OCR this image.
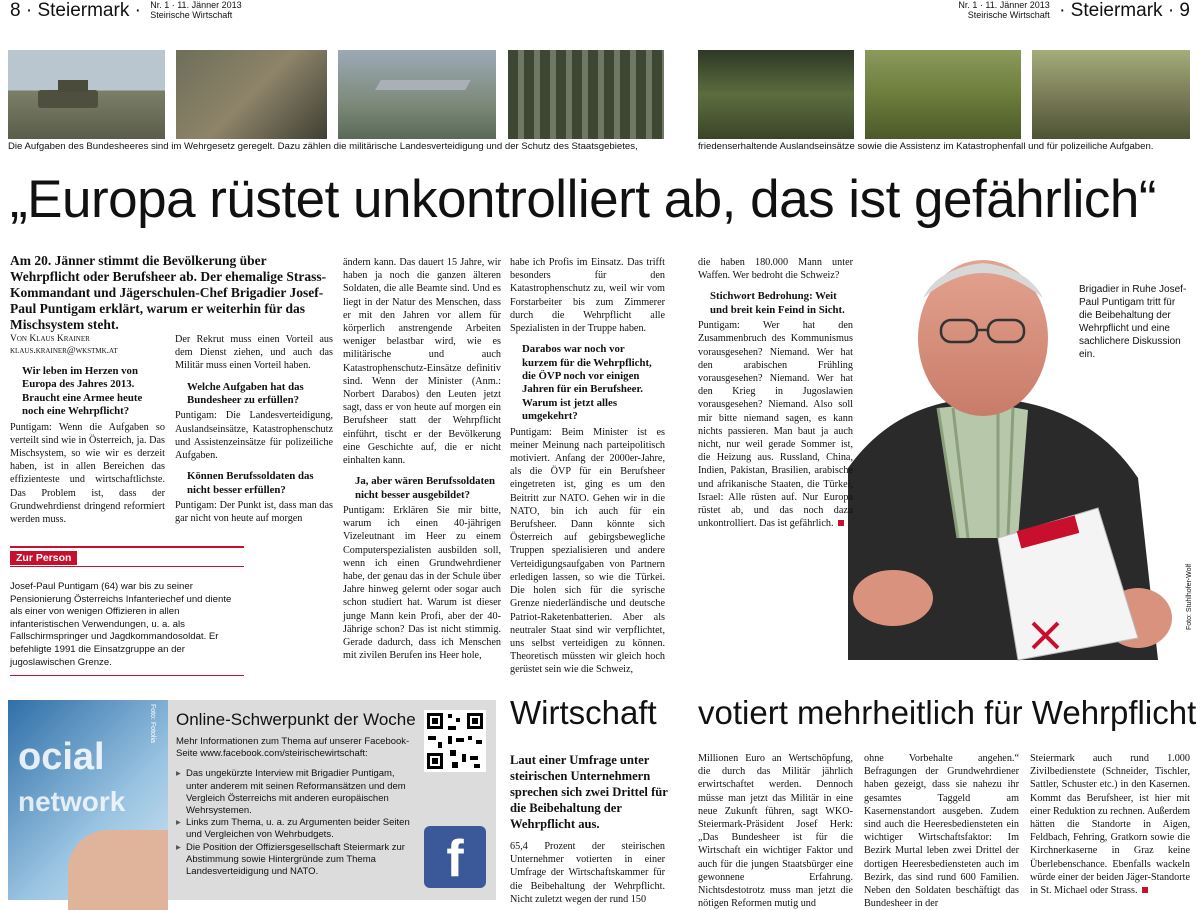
8 · Steiermark · Nr. 1 · 11. Jänner 2013
Steirische Wirtschaft
Nr. 1 · 11. Jänner 2013
Steirische Wirtschaft · Steiermark · 9
Die Aufgaben des Bundesheeres sind im Wehrgesetz geregelt. Dazu zählen die militärische Landesverteidigung und der Schutz des Staatsgebietes,	friedenserhaltende Auslandseinsätze sowie die Assistenz im Katastrophenfall und für polizeiliche Aufgaben.
„Europa rüstet unkontrolliert ab, das ist gefährlich“
Am 20. Jänner stimmt die Bevölkerung über Wehrpflicht oder Berufsheer ab. Der ehemalige Strass-Kommandant und Jägerschulen-Chef Brigadier Josef-Paul Puntigam erklärt, warum er weiterhin für das Mischsystem steht.
Von Klaus Krainer
klaus.krainer@wkstmk.at

Wir leben im Herzen von Europa des Jahres 2013. Braucht eine Armee heute noch eine Wehrpflicht?

Puntigam: Wenn die Aufgaben so verteilt sind wie in Österreich, ja. Das Mischsystem, so wie wir es derzeit haben, ist in allen Bereichen das effizienteste und wirtschaftlichste. Das Problem ist, dass der Grundwehrdienst dringend reformiert werden muss.

Der Rekrut muss einen Vorteil aus dem Dienst ziehen, und auch das Militär muss einen Vorteil haben.

Welche Aufgaben hat das Bundesheer zu erfüllen?

Puntigam: Die Landesverteidigung, Auslandseinsätze, Katastrophenschutz und Assistenzeinsätze für polizeiliche Aufgaben.

Können Berufssoldaten das nicht besser erfüllen?

Puntigam: Der Punkt ist, dass man das gar nicht von heute auf morgen

Zur Person
Josef-Paul Puntigam (64) war bis zu seiner Pensionierung Österreichs Infanteriechef und diente als einer von wenigen Offizieren in allen infanteristischen Verwendungen, u. a. als Fallschirmspringer und Jagdkommandosoldat. Er befehligte 1991 die Einsatzgruppe an der jugoslawischen Grenze.

ändern kann. Das dauert 15 Jahre, wir haben ja noch die ganzen älteren Soldaten, die alle Beamte sind. Und es liegt in der Natur des Menschen, dass er mit den Jahren vor allem für körperlich anstrengende Arbeiten weniger belastbar wird, wie es militärische und auch Katastrophenschutz-Einsätze definitiv sind. Wenn der Minister (Anm.: Norbert Darabos) den Leuten jetzt sagt, dass er von heute auf morgen ein Berufsheer statt der Wehrpflicht einführt, tischt er der Bevölkerung eine Geschichte auf, die er nicht einhalten kann.

Ja, aber wären Berufssoldaten nicht besser ausgebildet?

Puntigam: Erklären Sie mir bitte, warum ich einen 40-jährigen Vizeleutnant im Heer zu einem Computerspezialisten ausbilden soll, wenn ich einen Grundwehrdiener habe, der genau das in der Schule über Jahre hinweg gelernt oder sogar auch schon studiert hat. Warum ist dieser junge Mann kein Profi, aber der 40-Jährige schon? Das ist nicht stimmig. Gerade dadurch, dass ich Menschen mit zivilen Berufen ins Heer hole,

habe ich Profis im Einsatz. Das trifft besonders für den Katastrophenschutz zu, weil wir vom Forstarbeiter bis zum Zimmerer durch die Wehrpflicht alle Spezialisten in der Truppe haben.

Darabos war noch vor kurzem für die Wehrpflicht, die ÖVP noch vor einigen Jahren für ein Berufsheer. Warum ist jetzt alles umgekehrt?

Puntigam: Beim Minister ist es meiner Meinung nach parteipolitisch motiviert. Anfang der 2000er-Jahre, als die ÖVP für ein Berufsheer eingetreten ist, ging es um den Beitritt zur NATO. Gehen wir in die NATO, bin ich auch für ein Berufsheer. Dann könnte sich Österreich auf gebirgsbewegliche Truppen spezialisieren und andere Verteidigungsaufgaben von Partnern erledigen lassen, so wie die Türkei. Die holen sich für die syrische Grenze niederländische und deutsche Patriot-Raketenbatterien. Aber als neutraler Staat sind wir verpflichtet, uns selbst verteidigen zu können. Theoretisch müssten wir gleich hoch gerüstet sein wie die Schweiz,

die haben 180.000 Mann unter Waffen. Wer bedroht die Schweiz?

Stichwort Bedrohung: Weit und breit kein Feind in Sicht.

Puntigam: Wer hat den Zusammenbruch des Kommunismus vorausgesehen? Niemand. Wer hat den arabischen Frühling vorausgesehen? Niemand. Wer hat den Krieg in Jugoslawien vorausgesehen? Niemand. Also soll mir bitte niemand sagen, es kann nichts passieren. Man baut ja auch nicht, nur weil gerade Sommer ist, die Heizung aus. Russland, China, Indien, Pakistan, Brasilien, arabische und afrikanische Staaten, die Türkei, Israel: Alle rüsten auf. Nur Europa rüstet ab, und das noch dazu unkontrolliert. Das ist gefährlich.

Brigadier in Ruhe Josef-Paul Puntigam tritt für die Beibehaltung der Wehrpflicht und eine sachlichere Diskussion ein.
Foto: Stuhlhofer-Wolf
ocial
network
Foto: Fotolia Online-Schwerpunkt der Woche
Mehr Informationen zum Thema auf unserer Facebook-Seite www.facebook.com/steirischewirtschaft:
▸ Das ungekürzte Interview mit Brigadier Puntigam, unter anderem mit seinen Reformansätzen und dem Vergleich Österreichs mit anderen europäischen Wehrsystemen.
▸ Links zum Thema, u. a. zu Argumenten beider Seiten und Vergleichen von Wehrbudgets.
▸ Die Position der Offiziersgesellschaft Steiermark zur Abstimmung sowie Hintergründe zum Thema Landesverteidigung und NATO.	f
Wirtschaft votiert mehrheitlich für Wehrpflicht
Laut einer Umfrage unter steirischen Unternehmern sprechen sich zwei Drittel für die Beibehaltung der Wehrpflicht aus.
65,4 Prozent der steirischen Unternehmer votierten in einer Umfrage der Wirtschaftskammer für die Beibehaltung der Wehrpflicht. Nicht zuletzt wegen der rund 150
Millionen Euro an Wertschöpfung, die durch das Militär jährlich erwirtschaftet werden. Dennoch müsse man jetzt das Militär in eine neue Zukunft führen, sagt WKO-Steiermark-Präsident Josef Herk: „Das Bundesheer ist für die Wirtschaft ein wichtiger Faktor und auch für die jungen Staatsbürger eine gewonnene Erfahrung. Nichtsdestotrotz muss man jetzt die nötigen Reformen mutig und
ohne Vorbehalte angehen.“ Befragungen der Grundwehrdiener haben gezeigt, dass sie nahezu ihr gesamtes Taggeld am Kasernenstandort ausgeben. Zudem sind auch die Heeresbediensteten ein wichtiger Wirtschaftsfaktor: Im Bezirk Murtal leben zwei Drittel der dortigen Heeresbediensteten auch im Bezirk, das sind rund 600 Familien. Neben den Soldaten beschäftigt das Bundesheer in der
Steiermark auch rund 1.000 Zivilbedienstete (Schneider, Tischler, Sattler, Schuster etc.) in den Kasernen. Kommt das Berufsheer, ist hier mit einer Reduktion zu rechnen. Außerdem hätten die Standorte in Aigen, Feldbach, Fehring, Gratkorn sowie die Kirchnerkaserne in Graz keine Überlebenschance. Ebenfalls wackeln würde einer der beiden Jäger-Standorte in St. Michael oder Strass.
